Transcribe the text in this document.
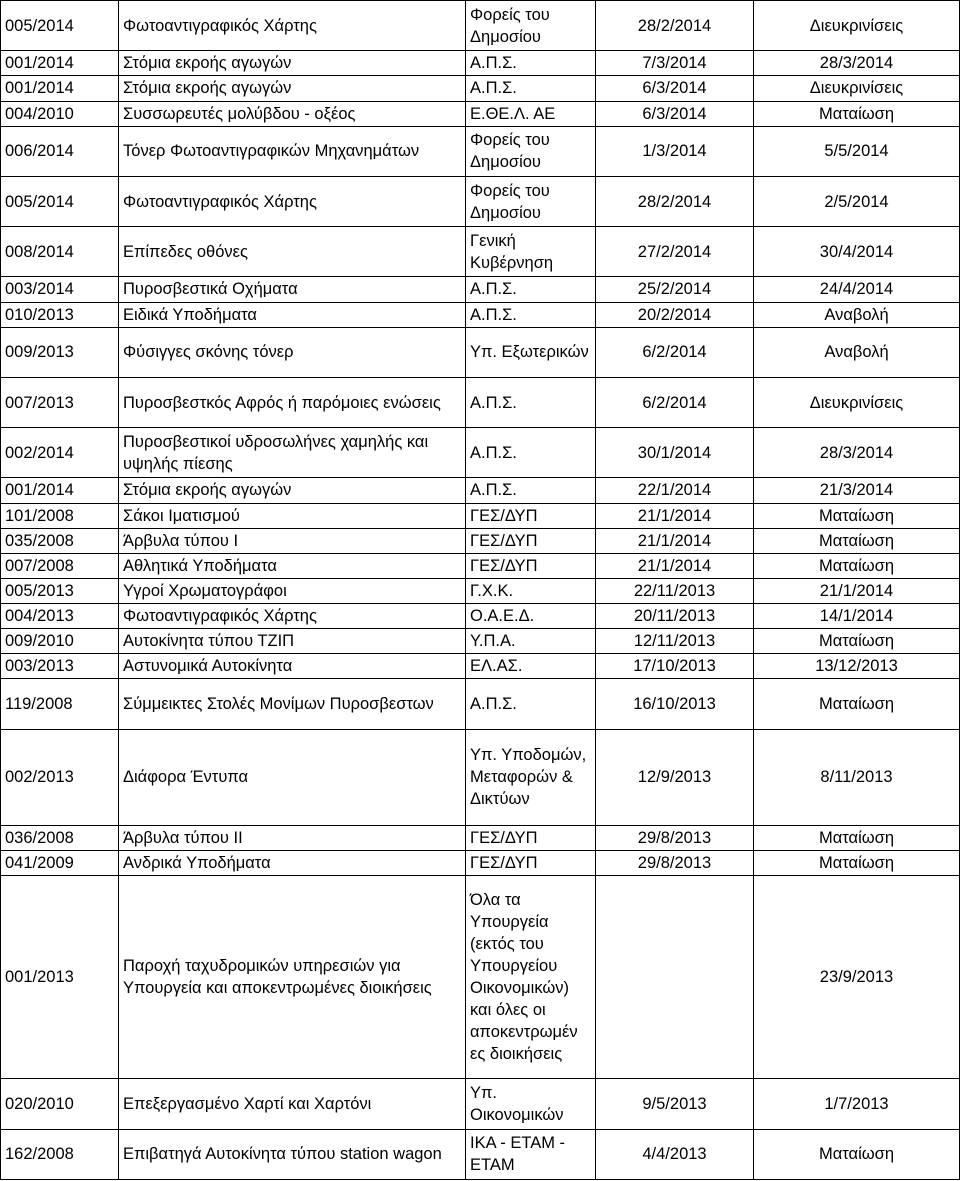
005/2014	Φωτοαντιγραφικός Χάρτης	Φορείς του Δημοσίου	28/2/2014	Διευκρινίσεις
001/2014	Στόμια εκροής αγωγών	Α.Π.Σ.	7/3/2014	28/3/2014
001/2014	Στόμια εκροής αγωγών	Α.Π.Σ.	6/3/2014	Διευκρινίσεις
004/2010	Συσσωρευτές μολύβδου - οξέος	Ε.ΘΕ.Λ. ΑΕ	6/3/2014	Ματαίωση
006/2014	Τόνερ Φωτοαντιγραφικών Μηχανημάτων	Φορείς του Δημοσίου	1/3/2014	5/5/2014
005/2014	Φωτοαντιγραφικός Χάρτης	Φορείς του Δημοσίου	28/2/2014	2/5/2014
008/2014	Επίπεδες οθόνες	Γενική Κυβέρνηση	27/2/2014	30/4/2014
003/2014	Πυροσβεστικά Οχήματα	Α.Π.Σ.	25/2/2014	24/4/2014
010/2013	Ειδικά Υποδήματα	Α.Π.Σ.	20/2/2014	Αναβολή
009/2013	Φύσιγγες σκόνης τόνερ	Υπ. Εξωτερικών	6/2/2014	Αναβολή
007/2013	Πυροσβεστκός Αφρός ή παρόμοιες ενώσεις	Α.Π.Σ.	6/2/2014	Διευκρινίσεις
002/2014	Πυροσβεστικοί υδροσωλήνες χαμηλής και υψηλής πίεσης	Α.Π.Σ.	30/1/2014	28/3/2014
001/2014	Στόμια εκροής αγωγών	Α.Π.Σ.	22/1/2014	21/3/2014
101/2008	Σάκοι Ιματισμού	ΓΕΣ/ΔΥΠ	21/1/2014	Ματαίωση
035/2008	Άρβυλα τύπου Ι	ΓΕΣ/ΔΥΠ	21/1/2014	Ματαίωση
007/2008	Αθλητικά Υποδήματα	ΓΕΣ/ΔΥΠ	21/1/2014	Ματαίωση
005/2013	Υγροί Χρωματογράφοι	Γ.Χ.Κ.	22/11/2013	21/1/2014
004/2013	Φωτοαντιγραφικός Χάρτης	Ο.Α.Ε.Δ.	20/11/2013	14/1/2014
009/2010	Αυτοκίνητα τύπου ΤΖΙΠ	Υ.Π.Α.	12/11/2013	Ματαίωση
003/2013	Αστυνομικά Αυτοκίνητα	ΕΛ.ΑΣ.	17/10/2013	13/12/2013
119/2008	Σύμμεικτες Στολές Μονίμων Πυροσβεστων	Α.Π.Σ.	16/10/2013	Ματαίωση
002/2013	Διάφορα Έντυπα	Υπ. Υποδομών, Μεταφορών & Δικτύων	12/9/2013	8/11/2013
036/2008	Άρβυλα τύπου ΙΙ	ΓΕΣ/ΔΥΠ	29/8/2013	Ματαίωση
041/2009	Ανδρικά Υποδήματα	ΓΕΣ/ΔΥΠ	29/8/2013	Ματαίωση
001/2013	Παροχή ταχυδρομικών υπηρεσιών για Υπουργεία και αποκεντρωμένες διοικήσεις	Όλα τα Υπουργεία (εκτός του Υπουργείου Οικονομικών) και όλες οι αποκεντρωμέν ες διοικήσεις		23/9/2013
020/2010	Επεξεργασμένο Χαρτί και Χαρτόνι	Υπ. Οικονομικών	9/5/2013	1/7/2013
162/2008	Επιβατηγά Αυτοκίνητα τύπου station wagon	ΙΚΑ - ΕΤΑΜ - ΕΤΑΜ	4/4/2013	Ματαίωση
